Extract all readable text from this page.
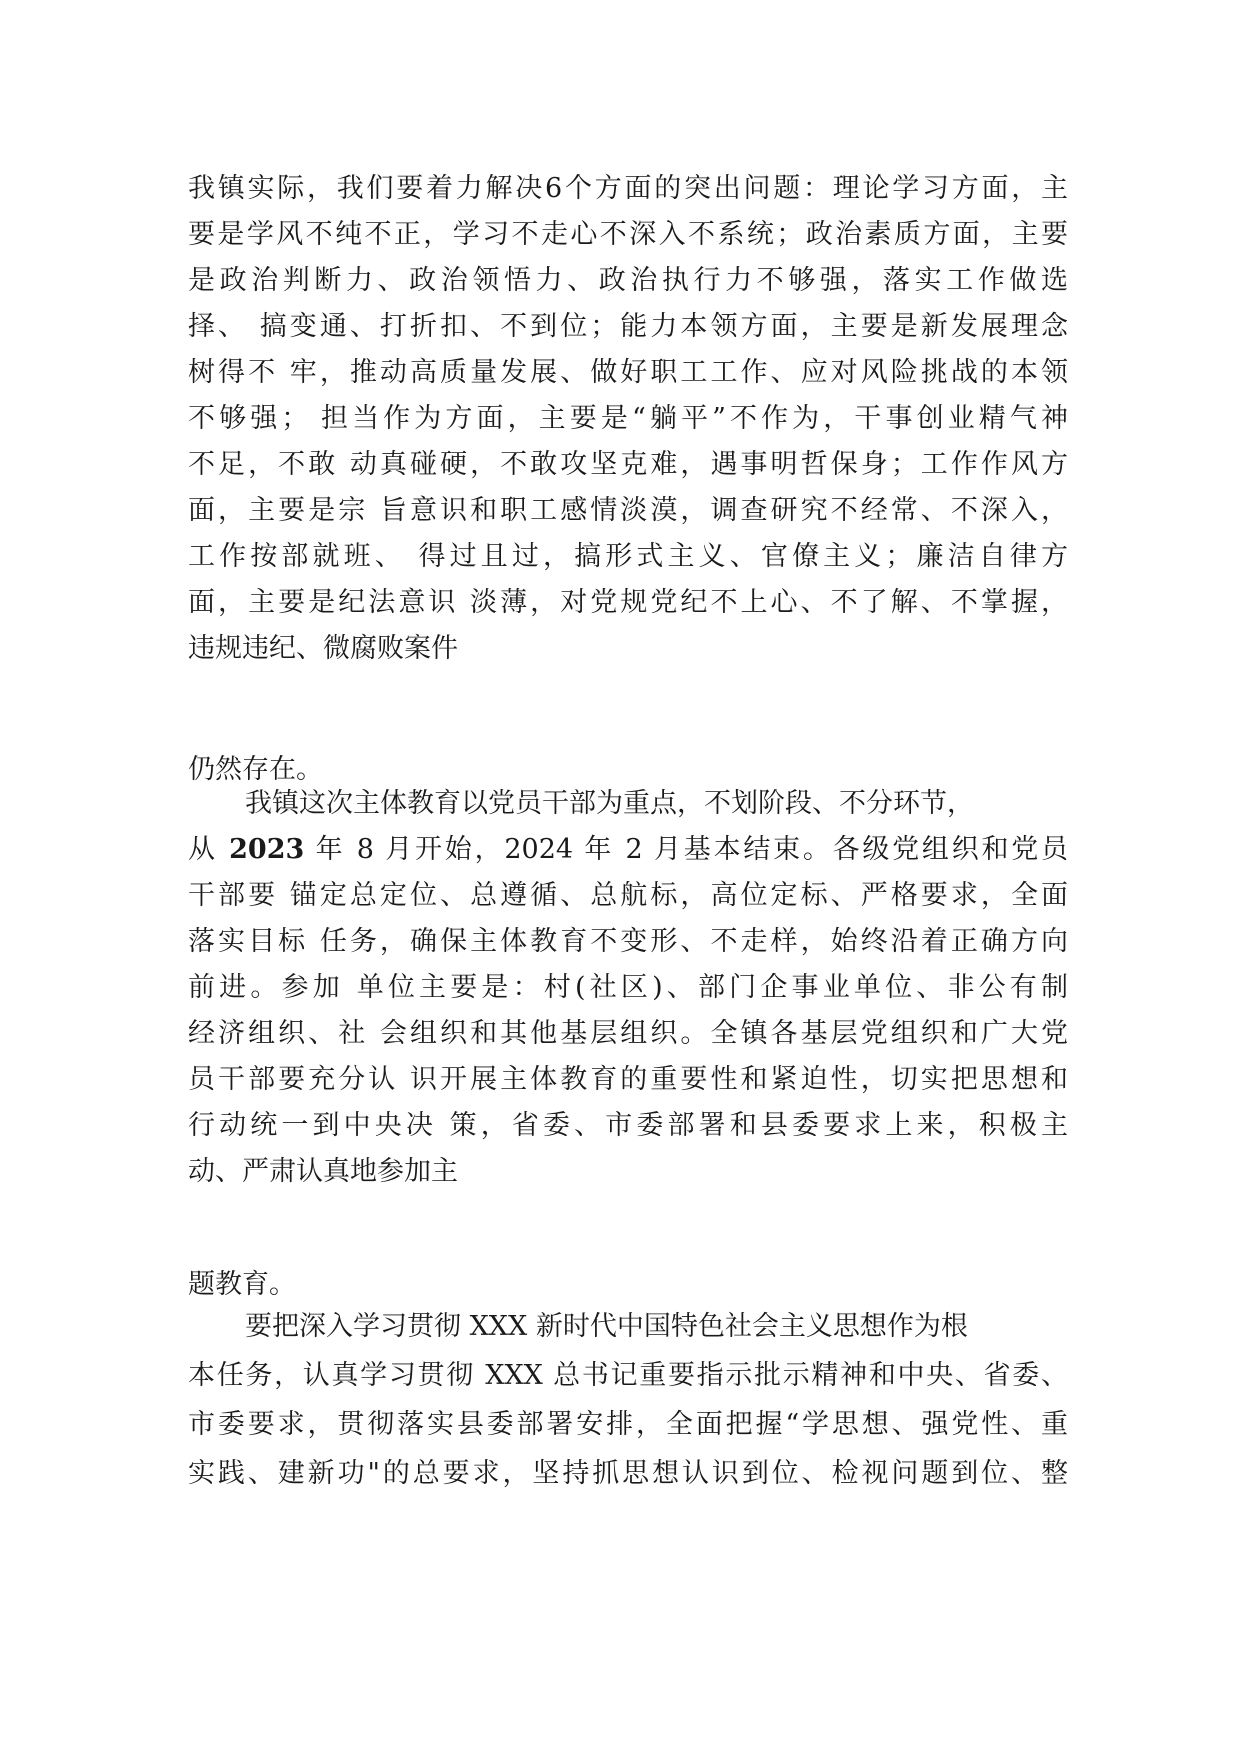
我镇实际，我们要着力解决6个方面的突出问题：理论学习方面，主
要是学风不纯不正，学习不走心不深入不系统；政治素质方面，主要
是政治判断力、政治领悟力、政治执行力不够强，落实工作做选
择、 搞变通、打折扣、不到位；能力本领方面，主要是新发展理念
树得不 牢，推动高质量发展、做好职工工作、应对风险挑战的本领
不够强； 担当作为方面，主要是“躺平”不作为，干事创业精气神
不足，不敢 动真碰硬，不敢攻坚克难，遇事明哲保身；工作作风方
面，主要是宗 旨意识和职工感情淡漠，调查研究不经常、不深入，
工作按部就班、 得过且过，搞形式主义、官僚主义；廉洁自律方
面，主要是纪法意识 淡薄，对党规党纪不上心、不了解、不掌握，
违规违纪、微腐败案件
仍然存在。
我镇这次主体教育以党员干部为重点，不划阶段、不分环节，
从 2023 年 8 月开始，2024 年 2 月基本结束。各级党组织和党员
干部要 锚定总定位、总遵循、总航标，高位定标、严格要求，全面
落实目标 任务，确保主体教育不变形、不走样，始终沿着正确方向
前进。参加 单位主要是：村(社区)、部门企事业单位、非公有制
经济组织、社 会组织和其他基层组织。全镇各基层党组织和广大党
员干部要充分认 识开展主体教育的重要性和紧迫性，切实把思想和
行动统一到中央决 策，省委、市委部署和县委要求上来，积极主
动、严肃认真地参加主
题教育。
要把深入学习贯彻 XXX 新时代中国特色社会主义思想作为根
本任务，认真学习贯彻 XXX 总书记重要指示批示精神和中央、省委、
市委要求，贯彻落实县委部署安排，全面把握“学思想、强党性、重
实践、建新功"的总要求，坚持抓思想认识到位、检视问题到位、整
